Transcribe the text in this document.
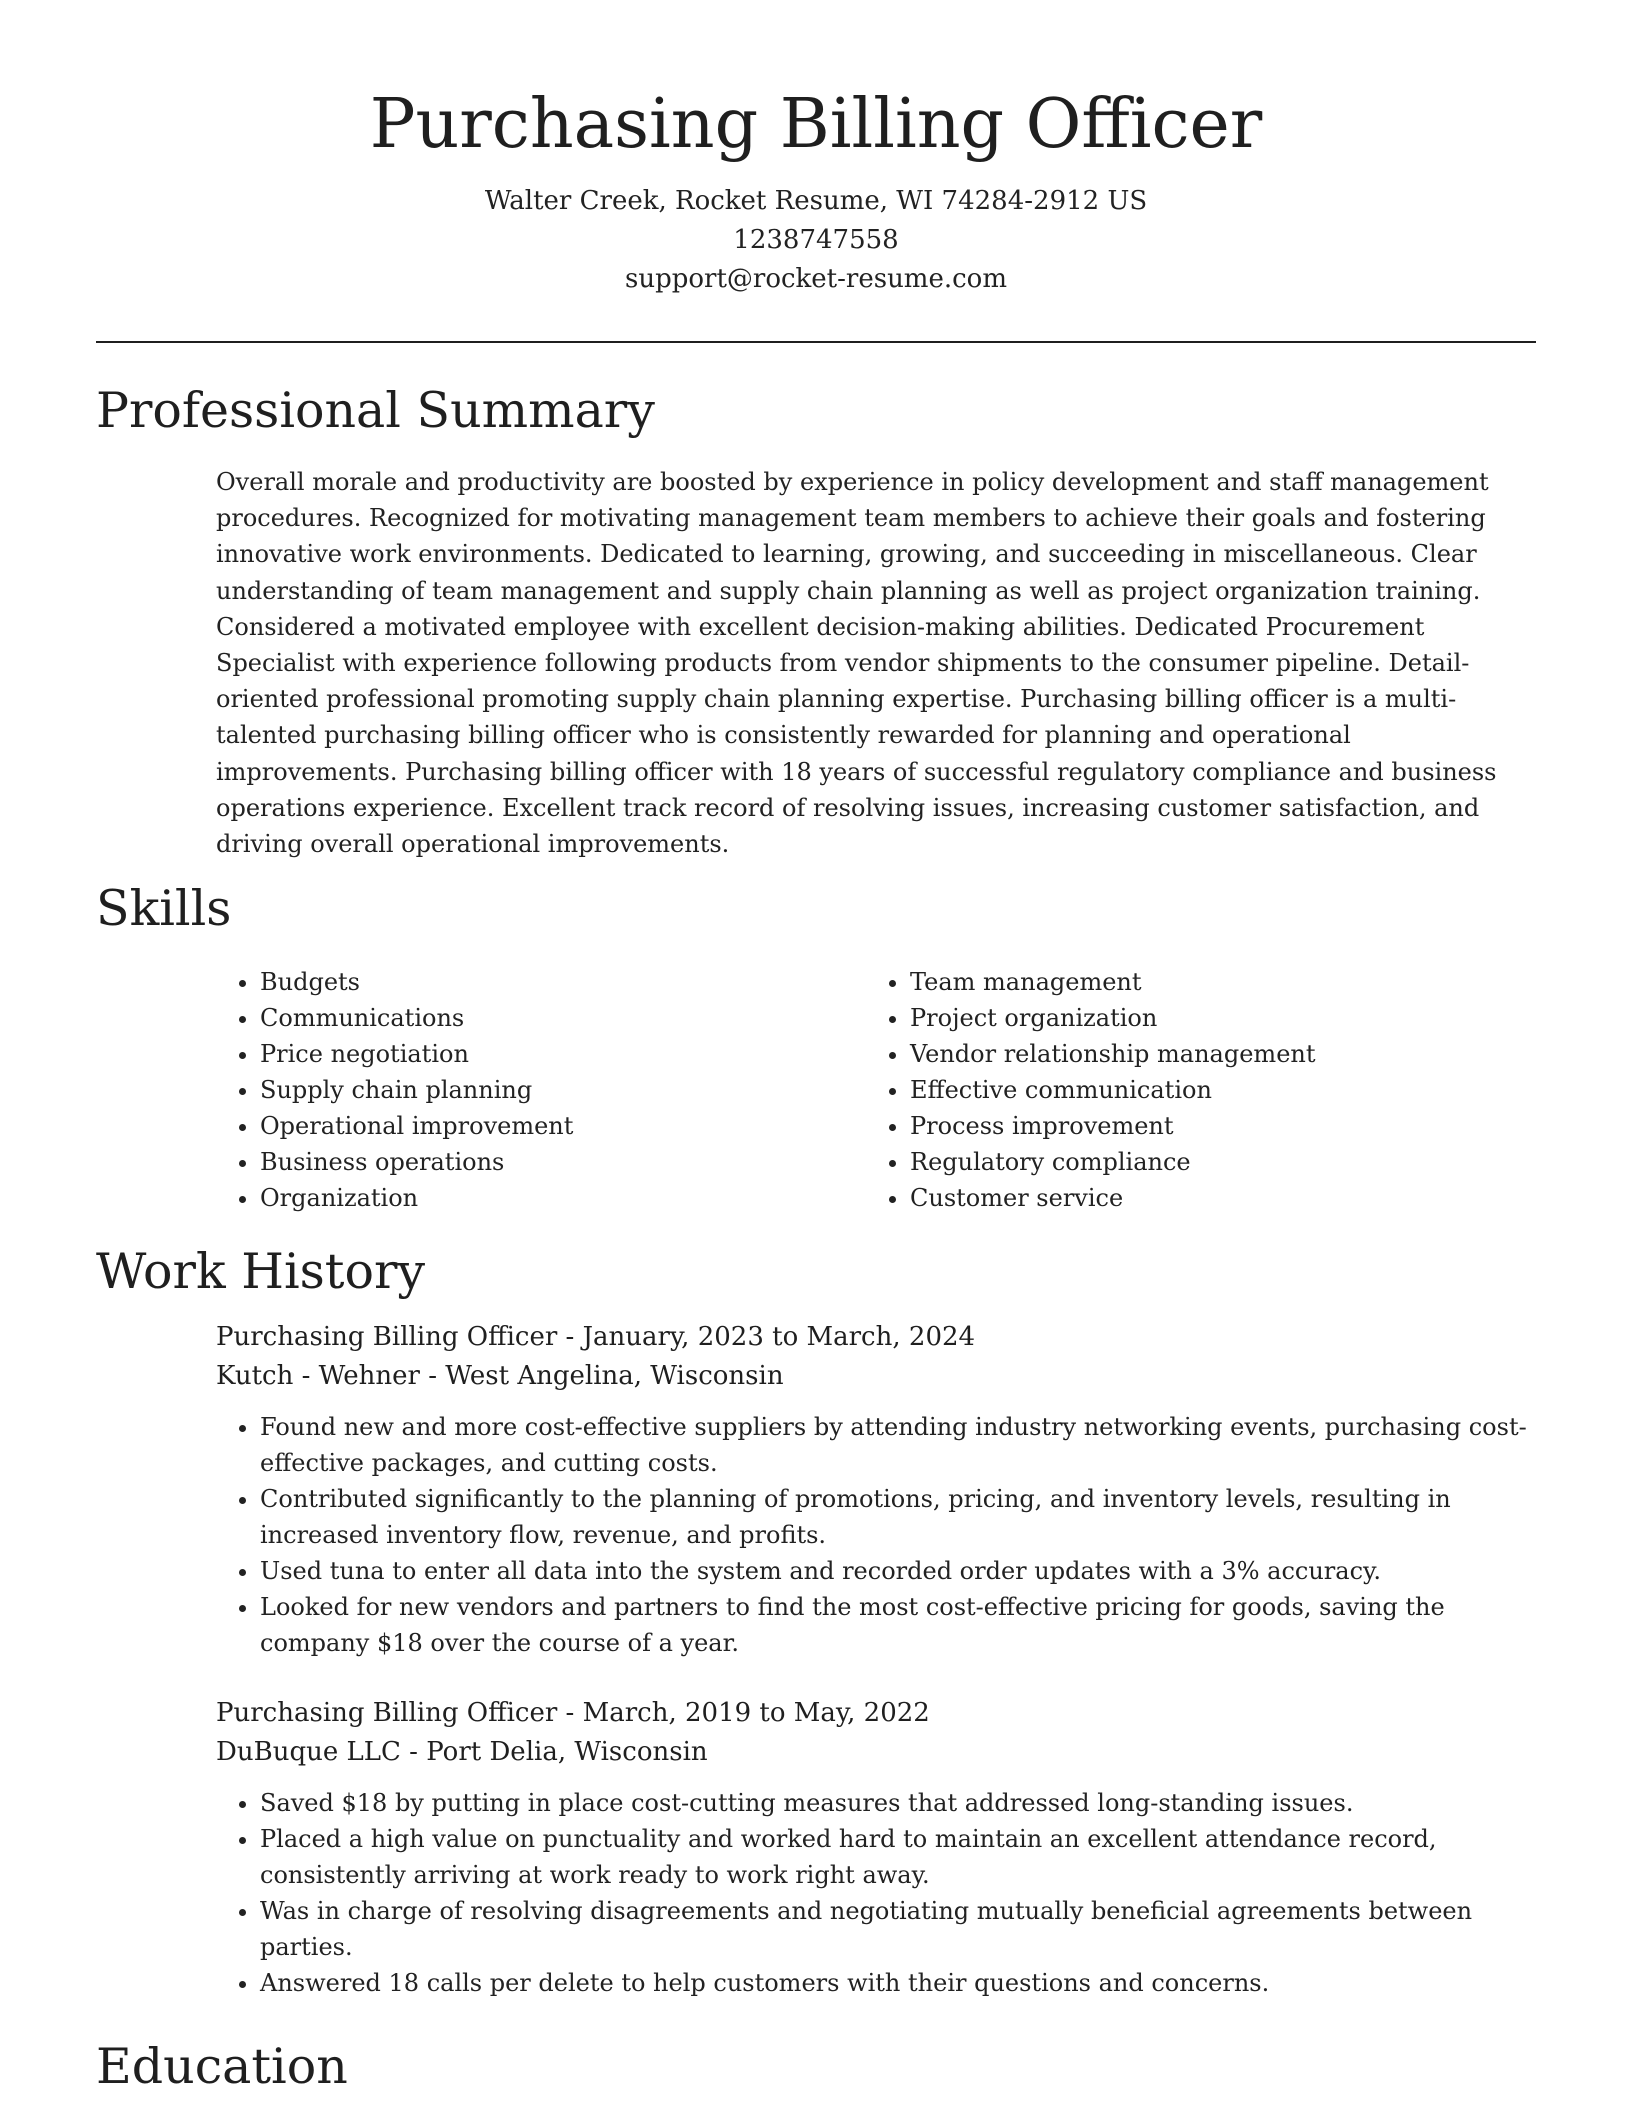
Purchasing Billing Officer
Walter Creek, Rocket Resume, WI 74284-2912 US
1238747558
support@rocket-resume.com
Professional Summary

Overall morale and productivity are boosted by experience in policy development and staff management procedures. Recognized for motivating management team members to achieve their goals and fostering innovative work environments. Dedicated to learning, growing, and succeeding in miscellaneous. Clear understanding of team management and supply chain planning as well as project organization training. Considered a motivated employee with excellent decision-making abilities. Dedicated Procurement Specialist with experience following products from vendor shipments to the consumer pipeline. Detail-oriented professional promoting supply chain planning expertise. Purchasing billing officer is a multi-talented purchasing billing officer who is consistently rewarded for planning and operational improvements. Purchasing billing officer with 18 years of successful regulatory compliance and business operations experience. Excellent track record of resolving issues, increasing customer satisfaction, and driving overall operational improvements.

Skills
• Budgets
• Communications
• Price negotiation
• Supply chain planning
• Operational improvement
• Business operations
• Organization
• Team management
• Project organization
• Vendor relationship management
• Effective communication
• Process improvement
• Regulatory compliance
• Customer service
Work History
Purchasing Billing Officer - January, 2023 to March, 2024
Kutch - Wehner - West Angelina, Wisconsin
• Found new and more cost-effective suppliers by attending industry networking events, purchasing cost-effective packages, and cutting costs.
• Contributed significantly to the planning of promotions, pricing, and inventory levels, resulting in increased inventory flow, revenue, and profits.
• Used tuna to enter all data into the system and recorded order updates with a 3% accuracy.
• Looked for new vendors and partners to find the most cost-effective pricing for goods, saving the company $18 over the course of a year.
Purchasing Billing Officer - March, 2019 to May, 2022
DuBuque LLC - Port Delia, Wisconsin
• Saved $18 by putting in place cost-cutting measures that addressed long-standing issues.
• Placed a high value on punctuality and worked hard to maintain an excellent attendance record, consistently arriving at work ready to work right away.
• Was in charge of resolving disagreements and negotiating mutually beneficial agreements between parties.
• Answered 18 calls per delete to help customers with their questions and concerns.
Education
